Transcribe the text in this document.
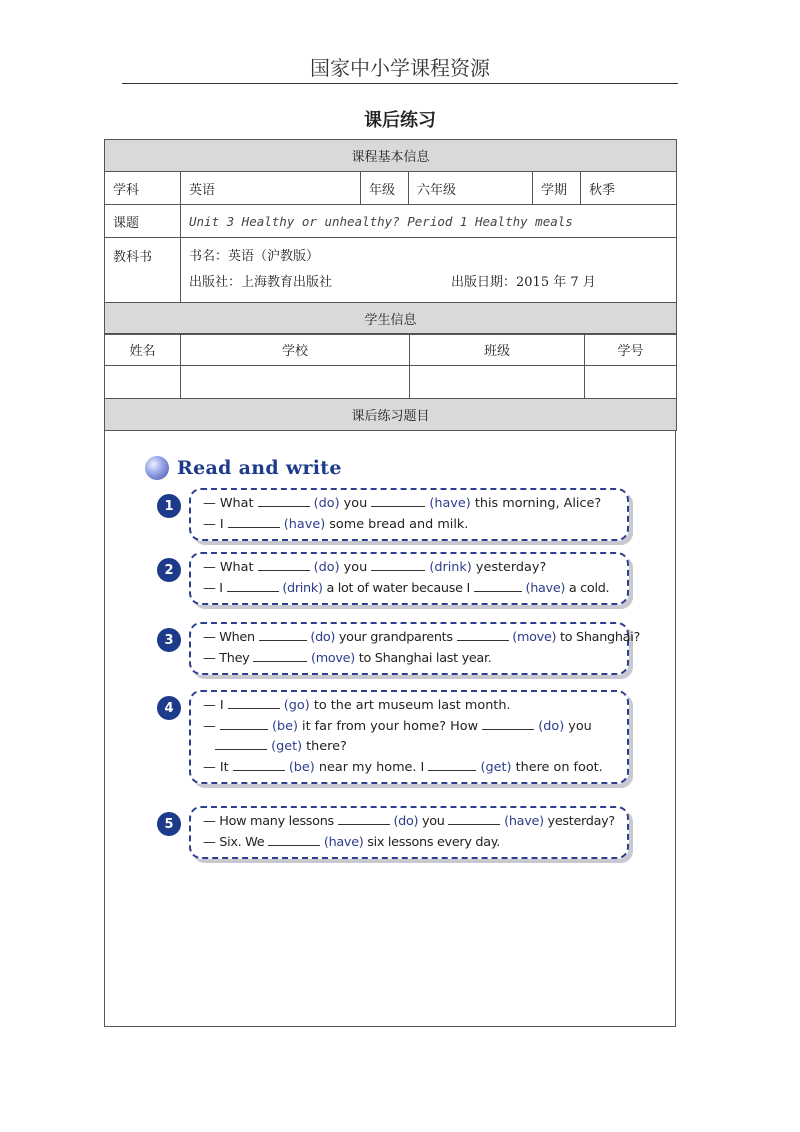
国家中小学课程资源
课后练习
课程基本信息					
学科	英语	年级	六年级	学期	秋季
课题	Unit 3 Healthy or unhealthy? Period 1 Healthy meals				
教科书	书名：英语（沪教版）
出版社：上海教育出版社 出版日期：2015 年 7 月				

学生信息					
姓名	学校	班级	学号

课后练习题目			
Read and write
1	— What	(do) you	(have) this morning, Alice?
— I	(have) some bread and milk.
2	— What	(do) you	(drink) yesterday?
— I	(drink) a lot of water because I	(have) a cold.
3	— When	(do) your grandparents	(move) to Shanghai?
— They	(move) to Shanghai last year.
4	— I	(go) to the art museum last month.
—	(be) it far from your home? How	(do) you
(get) there?
— It	(be) near my home. I	(get) there on foot.
5	— How many lessons	(do) you	(have) yesterday?
— Six. We	(have) six lessons every day.
